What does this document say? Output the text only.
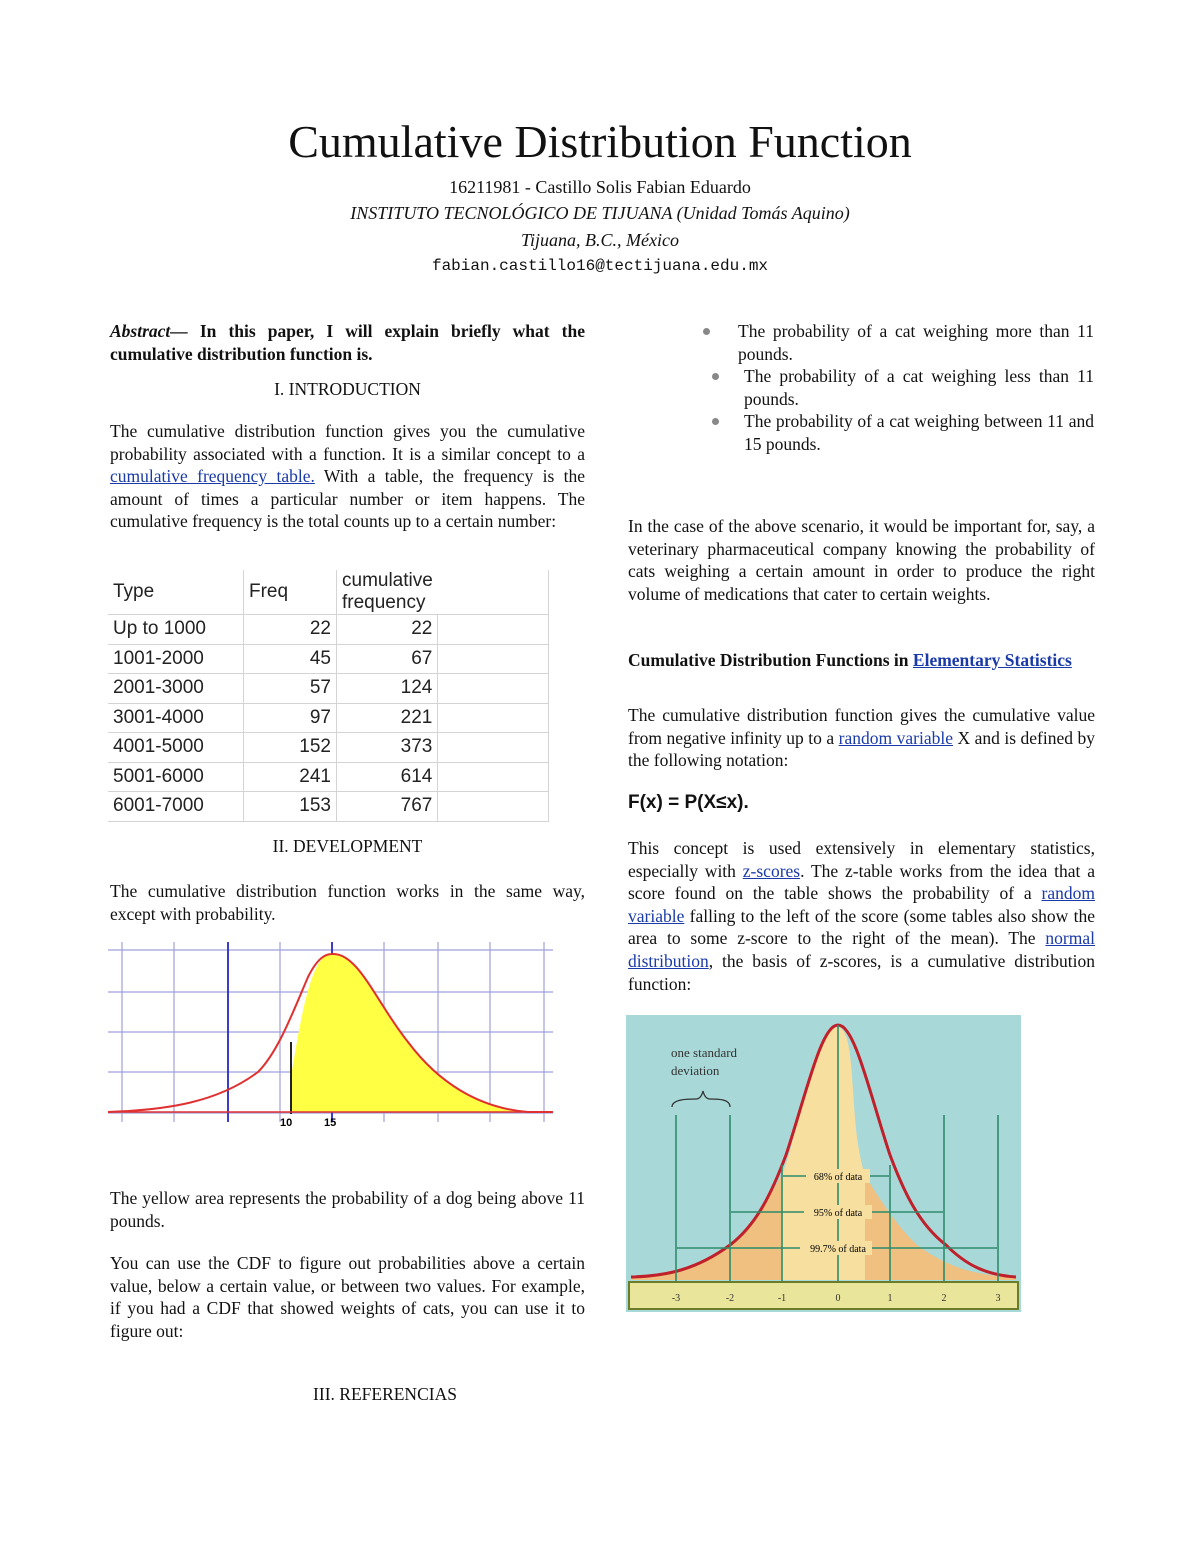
Cumulative Distribution Function
16211981 - Castillo Solis Fabian Eduardo
INSTITUTO TECNOLÓGICO DE TIJUANA (Unidad Tomás Aquino)
Tijuana, B.C., México
fabian.castillo16@tectijuana.edu.mx
Abstract— In this paper, I will explain briefly what the cumulative distribution function is.
I. INTRODUCTION
The cumulative distribution function gives you the cumulative probability associated with a function. It is a similar concept to a cumulative frequency table. With a table, the frequency is the amount of times a particular number or item happens. The cumulative frequency is the total counts up to a certain number:
Type	Freq	cumulative frequency	
Up to 1000	22	22	
1001-2000	45	67	
2001-3000	57	124	
3001-4000	97	221	
4001-5000	152	373	
5001-6000	241	614	
6001-7000	153	767	
II. DEVELOPMENT
The cumulative distribution function works in the same way, except with probability.
10	15
The yellow area represents the probability of a dog being above 11 pounds.
You can use the CDF to figure out probabilities above a certain value, below a certain value, or between two values. For example, if you had a CDF that showed weights of cats, you can use it to figure out:
III. REFERENCIAS
The probability of a cat weighing more than 11 pounds.
The probability of a cat weighing less than 11 pounds.
The probability of a cat weighing between 11 and 15 pounds.
In the case of the above scenario, it would be important for, say, a veterinary pharmaceutical company knowing the probability of cats weighing a certain amount in order to produce the right volume of medications that cater to certain weights.
Cumulative Distribution Functions in Elementary Statistics
The cumulative distribution function gives the cumulative value from negative infinity up to a random variable X and is defined by the following notation:
F(x) = P(X≤x).
This concept is used extensively in elementary statistics, especially with z-scores. The z-table works from the idea that a score found on the table shows the probability of a random variable falling to the left of the score (some tables also show the area to some z-score to the right of the mean). The normal distribution, the basis of z-scores, is a cumulative distribution function:
68% of data
95% of data
99.7% of data
one standard
deviation
-3	-2	-1	0	1	2	3
